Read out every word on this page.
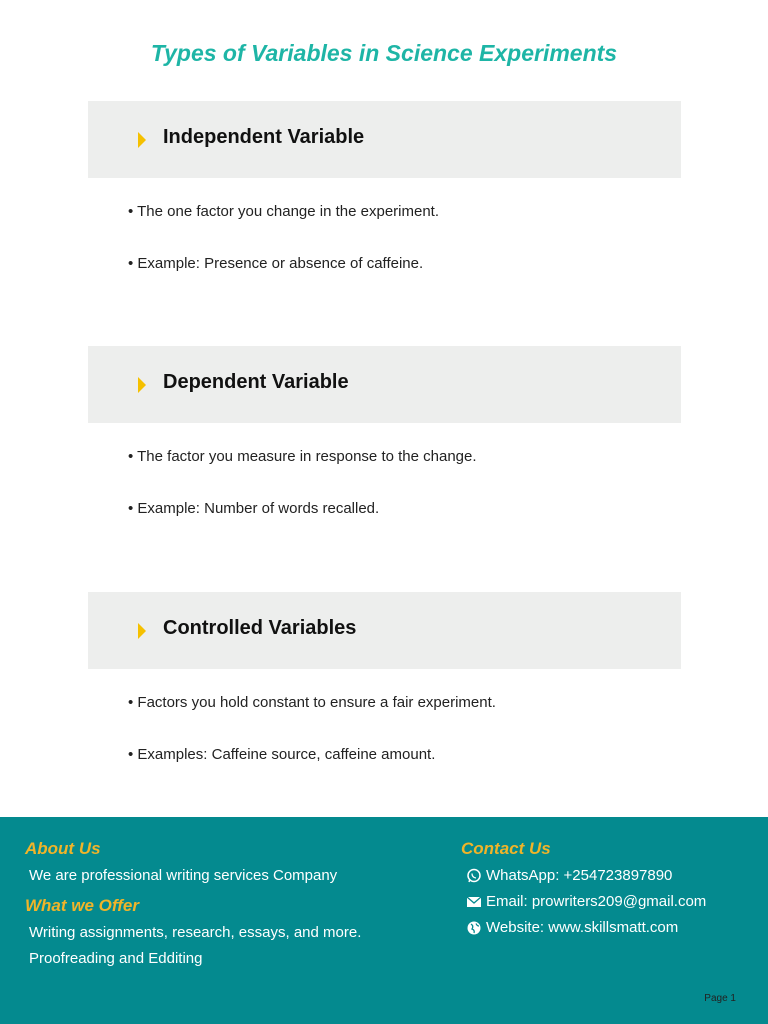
Types of Variables in Science Experiments
Independent Variable
• The one factor you change in the experiment.
• Example: Presence or absence of caffeine.
Dependent Variable
• The factor you measure in response to the change.
• Example: Number of words recalled.
Controlled Variables
• Factors you hold constant to ensure a fair experiment.
• Examples: Caffeine source, caffeine amount.
About Us
We are professional writing services Company
What we Offer
Writing assignments, research, essays, and more.
Proofreading and Edditing
Contact Us
WhatsApp: +254723897890
Email: prowriters209@gmail.com
Website: www.skillsmatt.com
Page 1
